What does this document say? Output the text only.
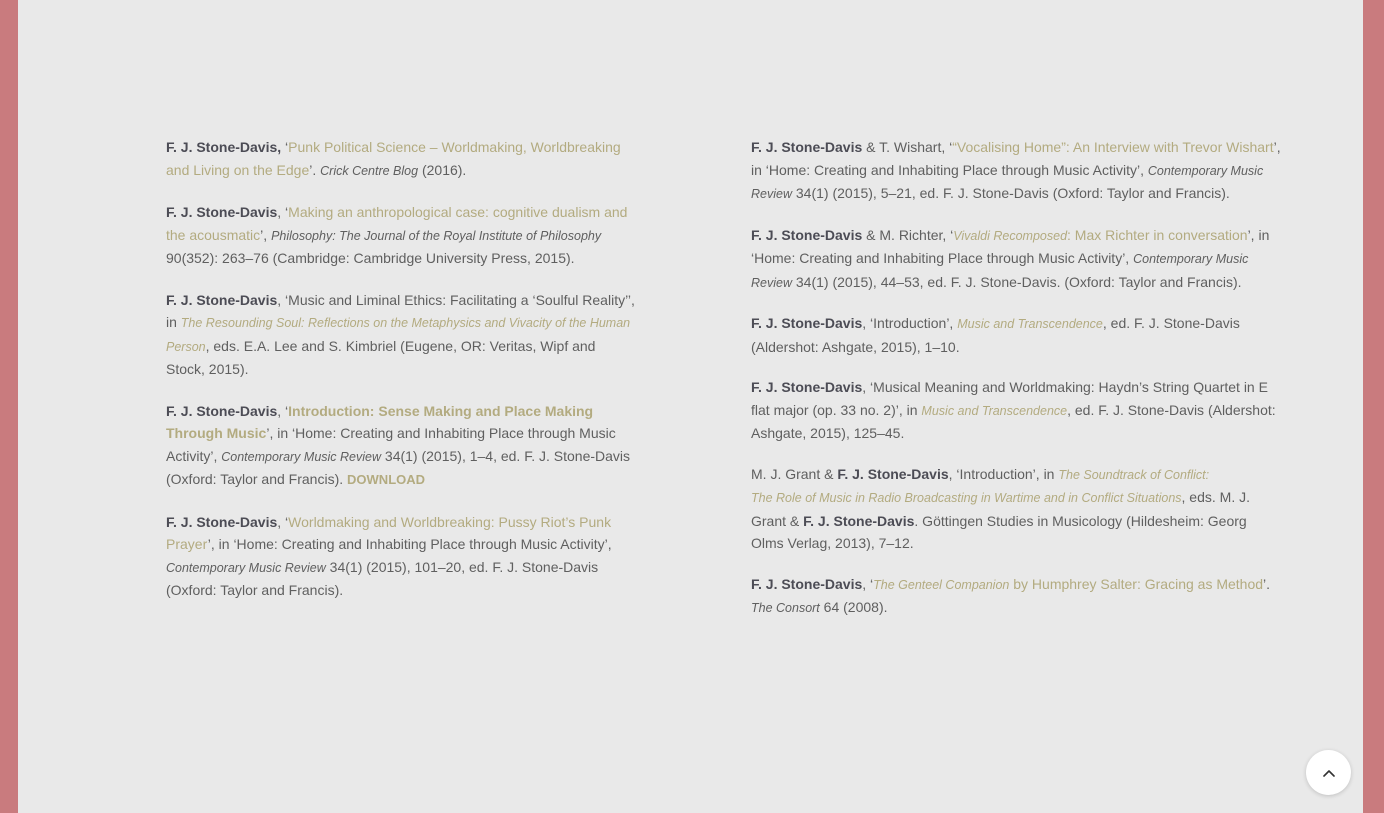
F. J. Stone-Davis, ‘Punk Political Science – Worldmaking, Worldbreaking and Living on the Edge’. Crick Centre Blog (2016).
F. J. Stone-Davis, ‘Making an anthropological case: cognitive dualism and the acousmatic’, Philosophy: The Journal of the Royal Institute of Philosophy 90(352): 263–76 (Cambridge: Cambridge University Press, 2015).
F. J. Stone-Davis, ‘Music and Liminal Ethics: Facilitating a ‘Soulful Reality’’, in The Resounding Soul: Reflections on the Metaphysics and Vivacity of the Human Person, eds. E.A. Lee and S. Kimbriel (Eugene, OR: Veritas, Wipf and Stock, 2015).
F. J. Stone-Davis, ‘Introduction: Sense Making and Place Making Through Music’, in ‘Home: Creating and Inhabiting Place through Music Activity’, Contemporary Music Review 34(1) (2015), 1–4, ed. F. J. Stone-Davis (Oxford: Taylor and Francis). DOWNLOAD
F. J. Stone-Davis, ‘Worldmaking and Worldbreaking: Pussy Riot’s Punk Prayer’, in ‘Home: Creating and Inhabiting Place through Music Activity’, Contemporary Music Review 34(1) (2015), 101–20, ed. F. J. Stone-Davis (Oxford: Taylor and Francis).
F. J. Stone-Davis & T. Wishart, ‘“Vocalising Home”: An Interview with Trevor Wishart’, in ‘Home: Creating and Inhabiting Place through Music Activity’, Contemporary Music Review 34(1) (2015), 5–21, ed. F. J. Stone-Davis (Oxford: Taylor and Francis).
F. J. Stone-Davis & M. Richter, ‘Vivaldi Recomposed: Max Richter in conversation’, in ‘Home: Creating and Inhabiting Place through Music Activity’, Contemporary Music Review 34(1) (2015), 44–53, ed. F. J. Stone-Davis. (Oxford: Taylor and Francis).
F. J. Stone-Davis, ‘Introduction’, Music and Transcendence, ed. F. J. Stone-Davis (Aldershot: Ashgate, 2015), 1–10.
F. J. Stone-Davis, ‘Musical Meaning and Worldmaking: Haydn’s String Quartet in E flat major (op. 33 no. 2)’, in Music and Transcendence, ed. F. J. Stone-Davis (Aldershot: Ashgate, 2015), 125–45.
M. J. Grant & F. J. Stone-Davis, ‘Introduction’, in The Soundtrack of Conflict:
The Role of Music in Radio Broadcasting in Wartime and in Conflict Situations, eds. M. J. Grant & F. J. Stone-Davis. Göttingen Studies in Musicology (Hildesheim: Georg Olms Verlag, 2013), 7–12.
F. J. Stone-Davis, ‘The Genteel Companion by Humphrey Salter: Gracing as Method’. The Consort 64 (2008).
